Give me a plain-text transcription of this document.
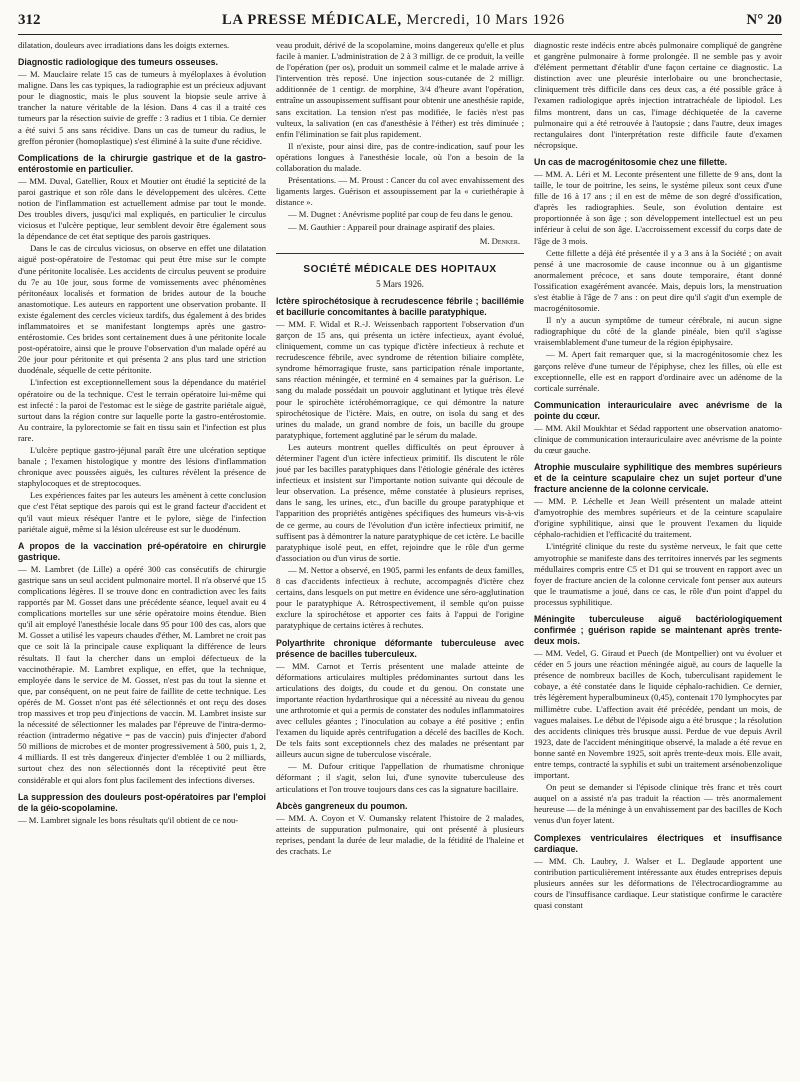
312	LA PRESSE MÉDICALE, Mercredi, 10 Mars 1926	N° 20

dilatation, douleurs avec irradiations dans les doigts externes.

Diagnostic radiologique des tumeurs osseuses.

— M. Mauclaire relate 15 cas de tumeurs à myéloplaxes à évolution maligne. Dans les cas typiques, la radiographie est un précieux adjuvant pour le diagnostic, mais le plus souvent la biopsie seule arrive à trancher la nature véritable de la lésion. Dans 4 cas il a traité ces tumeurs par la résection suivie de greffe : 3 radius et 1 tibia. Ce dernier a été suivi 5 ans sans récidive. Dans un cas de tumeur du radius, le greffon péronier (homoplastique) s'est éliminé à la suite d'une récidive.

Complications de la chirurgie gastrique et de la gastro-entérostomie en particulier.

— MM. Duval, Gatellier, Roux et Moutier ont étudié la septicité de la paroi gastrique et son rôle dans le développement des ulcères. Cette notion de l'inflammation est actuellement admise par tout le monde. Des troubles divers, jusqu'ici mal expliqués, en particulier le circulus viciosus et l'ulcère peptique, leur semblent devoir être également sous la dépendance de cet état septique des parois gastriques.

Dans le cas de circulus viciosus, on observe en effet une dilatation aiguë post-opératoire de l'estomac qui peut être mise sur le compte d'une péritonite localisée. Les accidents de circulus peuvent se produire du 7e au 10e jour, sous forme de vomissements avec phénomènes péritonéaux localisés et formation de brides autour de la bouche anastomotique. Les auteurs en rapportent une observation probante. Il existe également des cercles vicieux tardifs, dus également à des brides inflammatoires et se manifestant longtemps après une gastro-entérostomie. Ces brides sont certainement dues à une péritonite locale post-opératoire, ainsi que le prouve l'observation d'un malade opéré au 20e jour pour péritonite et qui présenta 2 ans plus tard une striction duodénale, séquelle de cette péritonite.

L'infection est exceptionnellement sous la dépendance du matériel opératoire ou de la technique. C'est le terrain opératoire lui-même qui est infecté : la paroi de l'estomac est le siège de gastrite pariétale aiguë, surtout dans la région contre sur laquelle porte la gastro-entérostomie. Au contraire, la pylorectomie se fait en tissu sain et l'infection est plus rare.

L'ulcère peptique gastro-jéjunal paraît être une ulcération septique banale ; l'examen histologique y montre des lésions d'inflammation chronique avec poussées aiguës, les cultures révèlent la présence de staphylocoques et de streptocoques.

Les expériences faites par les auteurs les amènent à cette conclusion que c'est l'état septique des parois qui est le grand facteur d'accident et qu'il vaut mieux réséquer l'antre et le pylore, siège de l'infection pariétale aiguë, même si la lésion ulcéreuse est sur le duodénum.

A propos de la vaccination pré-opératoire en chirurgie gastrique.

— M. Lambret (de Lille) a opéré 300 cas consécutifs de chirurgie gastrique sans un seul accident pulmonaire mortel. Il n'a observé que 15 complications légères. Il se trouve donc en contradiction avec les faits rapportés par M. Gosset dans une précédente séance, lequel avait eu 4 complications mortelles sur une série opératoire moins étendue. Bien qu'il ait employé l'anesthésie locale dans 95 pour 100 des cas, alors que M. Gosset a utilisé les vapeurs chaudes d'éther, M. Lambret ne croit pas que ce soit là la principale cause expliquant la différence de leurs résultats. Il faut la chercher dans un emploi défectueux de la vaccinothérapie. M. Lambret explique, en effet, que la technique, employée dans le service de M. Gosset, n'est pas du tout la sienne et que, par conséquent, on ne peut faire de faillite de cette technique. Les opérés de M. Gosset n'ont pas été sélectionnés et ont reçu des doses trop massives et trop peu d'injections de vaccin. M. Lambret insiste sur la nécessité de sélectionner les malades par l'épreuve de l'intra-dermo-réaction (intradermo négative = pas de vaccin) puis d'injecter d'abord 50 millions de microbes et de monter progressivement à 500, puis 1, 2, 4 milliards. Il est très dangereux d'injecter d'emblée 1 ou 2 milliards, surtout chez des non sélectionnés dont la réceptivité peut être considérable et qui alors font plus facilement des infections diverses.

La suppression des douleurs post-opératoires par l'emploi de la géio-scopolamine.

— M. Lambret signale les bons résultats qu'il obtient de ce nou-

veau produit, dérivé de la scopolamine, moins dangereux qu'elle et plus facile à manier. L'administration de 2 à 3 milligr. de ce produit, la veille de l'opération (per os), produit un sommeil calme et le malade arrive à l'intervention très reposé. Une injection sous-cutanée de 2 milligr. additionnée de 1 centigr. de morphine, 3/4 d'heure avant l'opération, entraîne un assoupissement suffisant pour obtenir une anesthésie rapide, sans excitation. La tension n'est pas modifiée, le faciès n'est pas vulteux, la salivation (en cas d'anesthésie à l'éther) est très diminuée ; enfin l'élimination se fait plus rapidement.

Il n'existe, pour ainsi dire, pas de contre-indication, sauf pour les opérations longues à l'anesthésie locale, où l'on a besoin de la collaboration du malade.

Présentations. — M. Proust : Cancer du col avec envahissement des ligaments larges. Guérison et assoupissement par la « curiethérapie à distance ».

— M. Dugnet : Anévrisme poplité par coup de feu dans le genou.

— M. Gauthier : Appareil pour drainage aspiratif des plaies.

M. Denker.
SOCIÉTÉ MÉDICALE DES HOPITAUX
5 Mars 1926.
Ictère spirochétosique à recrudescence fébrile ; bacillémie et bacillurie concomitantes à bacille paratyphique.

— MM. F. Widal et R.-J. Weissenbach rapportent l'observation d'un garçon de 15 ans, qui présenta un ictère infectieux, ayant évolué, cliniquement, comme un cas typique d'ictère infectieux à rechute et recrudescence fébrile, avec syndrome de rétention biliaire complète, syndrome hémorragique fruste, sans participation rénale importante, sans réaction méningée, et terminé en 4 semaines par la guérison. Le sang du malade possédait un pouvoir agglutinant et lytique très élevé pour le spirochète ictérohémorragique, ce qui démontre la nature spirochétosique de l'ictère. Mais, en outre, on isola du sang et des urines du malade, un grand nombre de fois, un bacille du groupe paratyphique, fortement agglutiné par le sérum du malade.

Les auteurs montrent quelles difficultés on peut éprouver à déterminer l'agent d'un ictère infectieux primitif. Ils discutent le rôle joué par les bacilles paratyphiques dans l'étiologie générale des ictères infectieux et insistent sur l'importante notion suivante qui découle de leur observation. La présence, même constatée à plusieurs reprises, dans le sang, les urines, etc., d'un bacille du groupe paratyphique et l'apparition des propriétés antigènes spécifiques des humeurs vis-à-vis de ce germe, au cours de l'évolution d'un ictère infectieux primitif, ne suffisent pas à démontrer la nature paratyphique de cet ictère. Le bacille paratyphique isolé peut, en effet, rejoindre que le rôle d'un germe d'association ou d'un virus de sortie.

— M. Nettor a observé, en 1905, parmi les enfants de deux familles, 8 cas d'accidents infectieux à rechute, accompagnés d'ictère chez certains, dans lesquels on put mettre en évidence une séro-agglutination pour le paratyphique A. Rétrospectivement, il semble qu'on puisse exclure la spirochétose et apporter ces faits à l'appui de l'origine paratyphique de certains ictères à rechutes.

Polyarthrite chronique déformante tuberculeuse avec présence de bacilles tuberculeux.

— MM. Carnot et Terris présentent une malade atteinte de déformations articulaires multiples prédominantes surtout dans les articulations des doigts, du coude et du genou. On constate une importante réaction hydarthrosique qui a nécessité au niveau du genou une arthrotomie et qui a permis de constater des nodules inflammatoires avec cellules géantes ; l'inoculation au cobaye a été positive ; enfin l'examen du liquide après centrifugation a décelé des bacilles de Koch. De tels faits sont exceptionnels chez des malades ne présentant par ailleurs aucun signe de tuberculose viscérale.

— M. Dufour critique l'appellation de rhumatisme chronique déformant ; il s'agit, selon lui, d'une synovite tuberculeuse des articulations et l'on trouve toujours dans ces cas la signature bacillaire.

Abcès gangreneux du poumon.

— MM. A. Coyon et V. Oumansky relatent l'histoire de 2 malades, atteints de suppuration pulmonaire, qui ont présenté à plusieurs reprises, pendant la durée de leur maladie, de la fétidité de l'haleine et des crachats. Le

diagnostic reste indécis entre abcès pulmonaire compliqué de gangrène et gangrène pulmonaire à forme prolongée. Il ne semble pas y avoir d'élément permettant d'établir d'une façon certaine ce diagnostic. La distinction avec une pleurésie interlobaire ou une bronchectasie, cliniquement très difficile dans ces deux cas, a été possible grâce à l'examen radiologique après injection intratrachéale de lipiodol. Les films montrent, dans un cas, l'image déchiquetée de la caverne pulmonaire qui a été retrouvée à l'autopsie ; dans l'autre, deux images rectangulaires dont l'interprétation reste difficile faute d'examen nécropsique.

Un cas de macrogénitosomie chez une fillette.

— MM. A. Léri et M. Leconte présentent une fillette de 9 ans, dont la taille, le tour de poitrine, les seins, le système pileux sont ceux d'une fille de 16 à 17 ans ; il en est de même de son degré d'ossification, d'après les radiographies. Seule, son évolution dentaire est proportionnée à son âge ; son développement intellectuel est un peu inférieur à celui de son âge. L'accroissement excessif du corps date de l'âge de 3 mois.

Cette fillette a déjà été présentée il y a 3 ans à la Société ; on avait pensé à une macrosomie de cause inconnue ou à un gigantisme anormalement précoce, et sans doute temporaire, étant donné l'ossification exagérément avancée. Mais, depuis lors, la menstruation s'est établie à l'âge de 7 ans : on peut dire qu'il s'agit d'un exemple de macrogénitosomie.

Il n'y a aucun symptôme de tumeur cérébrale, ni aucun signe radiographique du côté de la glande pinéale, bien qu'il s'agisse vraisemblablement d'une tumeur de la région épiphysaire.

— M. Apert fait remarquer que, si la macrogénitosomie chez les garçons relève d'une tumeur de l'épiphyse, chez les filles, où elle est exceptionnelle, elle est en rapport d'ordinaire avec un adénome de la corticale surrénale.

Communication interauriculaire avec anévrisme de la pointe du cœur.

— MM. Akil Moukhtar et Sédad rapportent une observation anatomo-clinique de communication interauriculaire avec anévrisme de la pointe du cœur gauche.

Atrophie musculaire syphilitique des membres supérieurs et de la ceinture scapulaire chez un sujet porteur d'une fracture ancienne de la colonne cervicale.

— MM. P. Léchelle et Jean Weill présentent un malade atteint d'amyotrophie des membres supérieurs et de la ceinture scapulaire d'origine syphilitique, ainsi que le prouvent l'examen du liquide céphalo-rachidien et l'efficacité du traitement.

L'intégrité clinique du reste du système nerveux, le fait que cette amyotrophie se manifeste dans des territoires innervés par les segments médullaires compris entre C5 et D1 qui se trouvent en rapport avec un foyer de fracture ancien de la colonne cervicale font penser aux auteurs que le traumatisme a joué, dans ce cas, le rôle d'un point d'appel du processus syphilitique.

Méningite tuberculeuse aiguë bactériologiquement confirmée ; guérison rapide se maintenant après trente-deux mois.

— MM. Vedel, G. Giraud et Puech (de Montpellier) ont vu évoluer et céder en 5 jours une réaction méningée aiguë, au cours de laquelle la présence de nombreux bacilles de Koch, tuberculisant rapidement le cobaye, a été constatée dans le liquide céphalo-rachidien. Ce dernier, très légèrement hyperalbumineux (0,45), contenait 170 lymphocytes par millimètre cube. L'affection avait été précédée, pendant un mois, de vagues malaises. Le début de l'épisode aigu a été brusque ; la résolution des accidents cliniques très brusque aussi. Perdue de vue depuis Avril 1923, date de l'accident méningitique observé, la malade a été revue en bonne santé en Novembre 1925, soit après trente-deux mois. Elle avait, entre temps, contracté la syphilis et subi un traitement arsénobenzolique important.

On peut se demander si l'épisode clinique très franc et très court auquel on a assisté n'a pas traduit la réaction — très anormalement heureuse — de la méninge à un envahissement par des bacilles de Koch venus d'un foyer latent.

Complexes ventriculaires électriques et insuffisance cardiaque.

— MM. Ch. Laubry, J. Walser et L. Deglaude apportent une contribution particulièrement intéressante aux études entreprises depuis plusieurs années sur les déformations de l'électrocardiogramme au cours de l'insuffisance cardiaque. Leur statistique confirme le caractère quasi constant
